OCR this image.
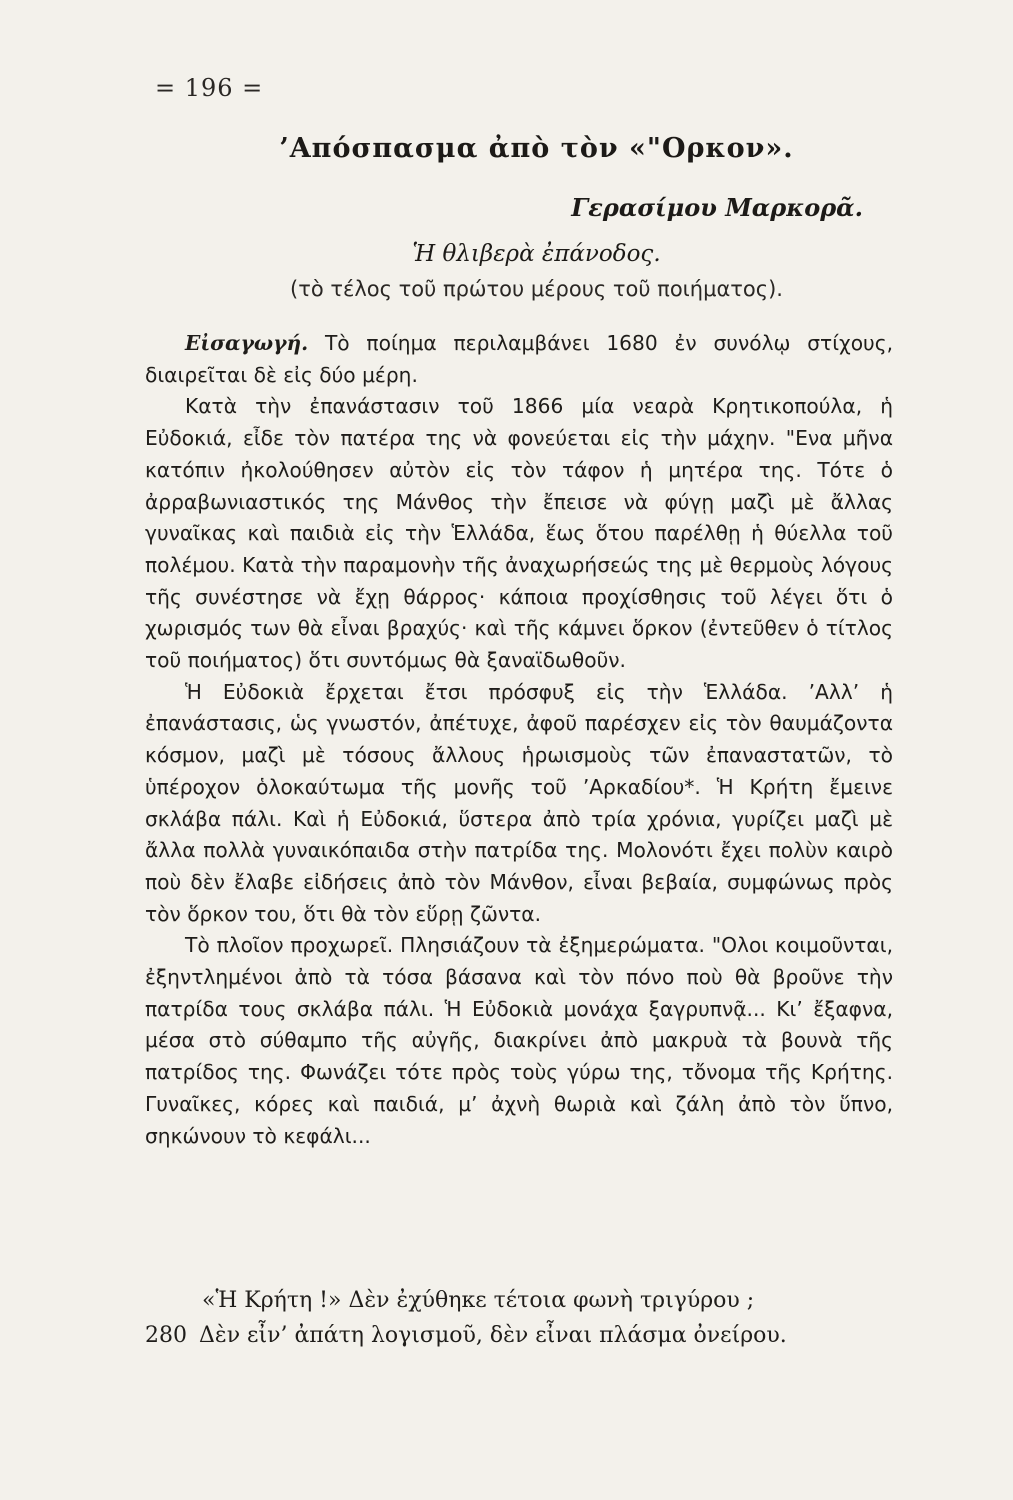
= 196 =
’Απόσπασμα ἀπὸ τὸν «"Ορκον».
Γερασίμου Μαρκορᾶ.
Ἡ θλιβερὰ ἐπάνοδος.
(τὸ τέλος τοῦ πρώτου μέρους τοῦ ποιήματος).

Εἰσαγωγή. Τὸ ποίημα περιλαμβάνει 1680 ἐν συνόλῳ στίχους, διαιρεῖται δὲ εἰς δύο μέρη.

Κατὰ τὴν ἐπανάστασιν τοῦ 1866 μία νεαρὰ Κρητικοπούλα, ἡ Εὐδοκιά, εἶδε τὸν πατέρα της νὰ φονεύεται εἰς τὴν μάχην. "Ενα μῆνα κατόπιν ἠκολούθησεν αὐτὸν εἰς τὸν τάφον ἡ μητέρα της. Τότε ὁ ἀρραβωνιαστικός της Μάνθος τὴν ἔπεισε νὰ φύγῃ μαζὶ μὲ ἄλλας γυναῖκας καὶ παιδιὰ εἰς τὴν Ἑλλάδα, ἕως ὅτου παρέλθῃ ἡ θύελλα τοῦ πολέμου. Κατὰ τὴν παραμονὴν τῆς ἀναχωρήσεώς της μὲ θερμοὺς λόγους τῆς συνέστησε νὰ ἔχῃ θάρρος· κάποια προχίσθησις τοῦ λέγει ὅτι ὁ χωρισμός των θὰ εἶναι βραχύς· καὶ τῆς κάμνει ὅρκον (ἐντεῦθεν ὁ τίτλος τοῦ ποιήματος) ὅτι συντόμως θὰ ξαναϊδωθοῦν.

Ἡ Εὐδοκιὰ ἔρχεται ἔτσι πρόσφυξ εἰς τὴν Ἑλλάδα. ’Αλλ’ ἡ ἐπανάστασις, ὡς γνωστόν, ἀπέτυχε, ἀφοῦ παρέσχεν εἰς τὸν θαυμάζοντα κόσμον, μαζὶ μὲ τόσους ἄλλους ἡρωισμοὺς τῶν ἐπαναστατῶν, τὸ ὑπέροχον ὁλοκαύτωμα τῆς μονῆς τοῦ ’Αρκαδίου*. Ἡ Κρήτη ἔμεινε σκλάβα πάλι. Καὶ ἡ Εὐδοκιά, ὕστερα ἀπὸ τρία χρόνια, γυρίζει μαζὶ μὲ ἄλλα πολλὰ γυναικόπαιδα στὴν πατρίδα της. Μολονότι ἔχει πολὺν καιρὸ ποὺ δὲν ἔλαβε εἰδήσεις ἀπὸ τὸν Μάνθον, εἶναι βεβαία, συμφώνως πρὸς τὸν ὅρκον του, ὅτι θὰ τὸν εὕρῃ ζῶντα.

Τὸ πλοῖον προχωρεῖ. Πλησιάζουν τὰ ἐξημερώματα. "Ολοι κοιμοῦνται, ἐξηντλημένοι ἀπὸ τὰ τόσα βάσανα καὶ τὸν πόνο ποὺ θὰ βροῦνε τὴν πατρίδα τους σκλάβα πάλι. Ἡ Εὐδοκιὰ μονάχα ξαγρυπνᾷ... Κι’ ἔξαφνα, μέσα στὸ σύθαμπο τῆς αὐγῆς, διακρίνει ἀπὸ μακρυὰ τὰ βουνὰ τῆς πατρίδος της. Φωνάζει τότε πρὸς τοὺς γύρω της, τὄνομα τῆς Κρήτης. Γυναῖκες, κόρες καὶ παιδιά, μ’ ἀχνὴ θωριὰ καὶ ζάλη ἀπὸ τὸν ὕπνο, σηκώνουν τὸ κεφάλι...

«Ἡ Κρήτη !» Δὲν ἐχύθηκε τέτοια φωνὴ τριγύρου ;
280 Δὲν εἶν’ ἀπάτη λογισμοῦ, δὲν εἶναι πλάσμα ὀνείρου.
